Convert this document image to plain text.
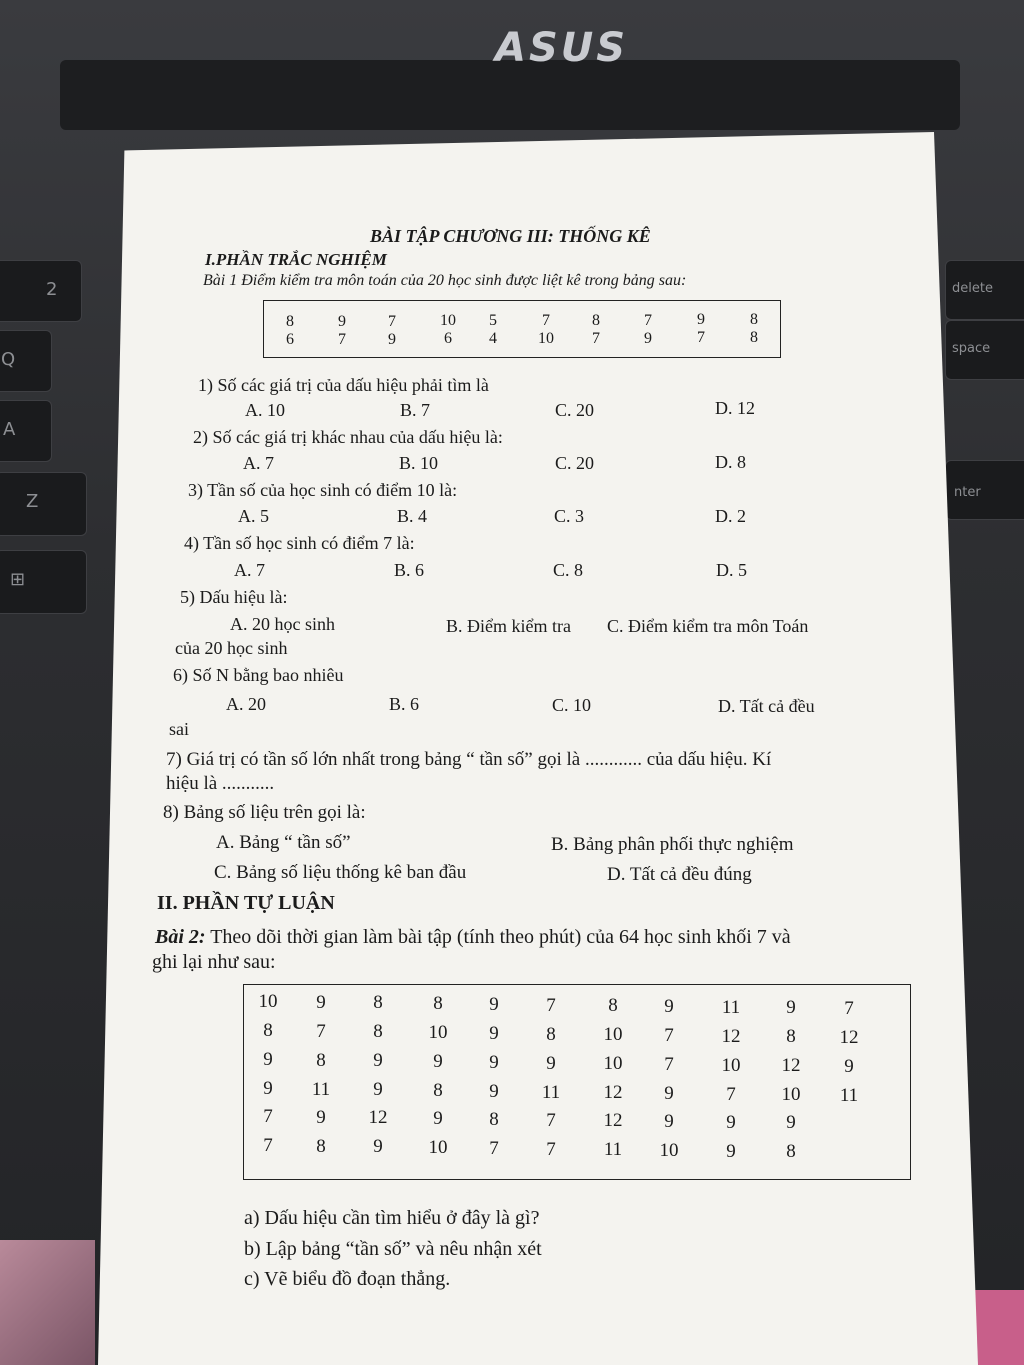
ASUS
2
Q
A
Z
⊞
delete
space
nter
BÀI TẬP CHƯƠNG III: THỐNG KÊ
I.PHẦN TRẮC NGHIỆM
Bài 1 Điểm kiểm tra môn toán của 20 học sinh được liệt kê trong bảng sau:
8	9	7	10	5	7	8	7	9	8
6	7	9	6	4	10	7	9	7	8
1) Số các giá trị của dấu hiệu phải tìm là
A. 10	B. 7	C. 20	D. 12
2) Số các giá trị khác nhau của dấu hiệu là:
A. 7	B. 10	C. 20	D. 8
3) Tần số của học sinh có điểm 10 là:
A. 5	B. 4	C. 3	D. 2
4) Tần số học sinh có điểm 7 là:
A. 7	B. 6	C. 8	D. 5
5) Dấu hiệu là:
A. 20 học sinh	B. Điểm kiểm tra C. Điểm kiểm tra môn Toán
của 20 học sinh
6) Số N bằng bao nhiêu
A. 20	B. 6	C. 10	D. Tất cả đều
sai
7) Giá trị có tần số lớn nhất trong bảng “ tần số” gọi là ............ của dấu hiệu. Kí
hiệu là ...........
8) Bảng số liệu trên gọi là:
A. Bảng “ tần số”	B. Bảng phân phối thực nghiệm
C. Bảng số liệu thống kê ban đầu	D. Tất cả đều đúng
II. PHẦN TỰ LUẬN
Bài 2: Theo dõi thời gian làm bài tập (tính theo phút) của 64 học sinh khối 7 và
ghi lại như sau:
10	9	8	8	9	7	8	9	11	9	7
8	7	8	10	9	8	10	7	12	8	12
9	8	9	9	9	9	10	7	10	12	9
9	11	9	8	9	11	12	9	7	10	11
7	9	12	9	8	7	12	9	9	9
7	8	9	10	7	7	11	10	9	8
a) Dấu hiệu cần tìm hiểu ở đây là gì?
b) Lập bảng “tần số” và nêu nhận xét
c) Vẽ biểu đồ đoạn thẳng.
